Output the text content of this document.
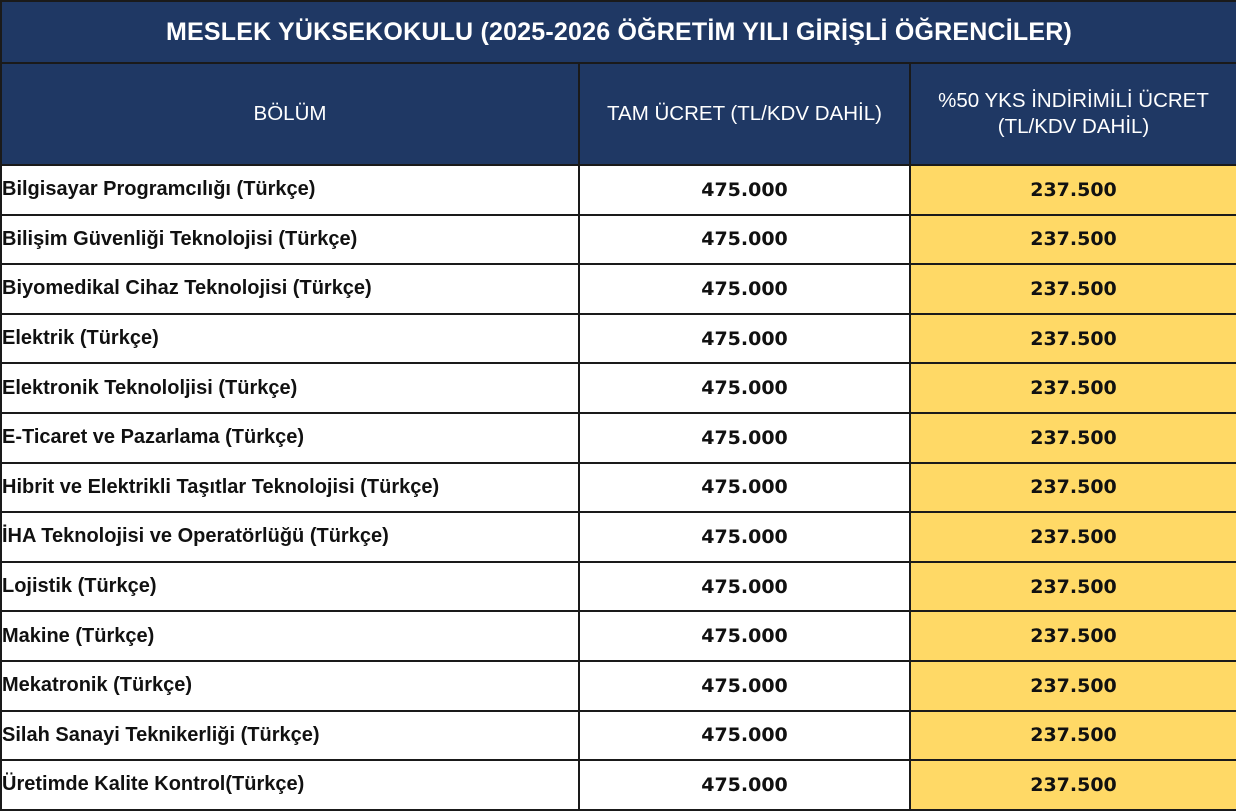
MESLEK YÜKSEKOKULU (2025-2026 ÖĞRETİM YILI GİRİŞLİ ÖĞRENCİLER)		
BÖLÜM	TAM ÜCRET (TL/KDV DAHİL)	%50 YKS İNDİRİMİLİ ÜCRET
(TL/KDV DAHİL)

Bilgisayar Programcılığı (Türkçe)	475.000	237.500
Bilişim Güvenliği Teknolojisi (Türkçe)	475.000	237.500
Biyomedikal Cihaz Teknolojisi (Türkçe)	475.000	237.500
Elektrik (Türkçe)	475.000	237.500
Elektronik Teknololjisi (Türkçe)	475.000	237.500
E-Ticaret ve Pazarlama (Türkçe)	475.000	237.500
Hibrit ve Elektrikli Taşıtlar Teknolojisi (Türkçe)	475.000	237.500
İHA Teknolojisi ve Operatörlüğü (Türkçe)	475.000	237.500
Lojistik (Türkçe)	475.000	237.500
Makine (Türkçe)	475.000	237.500
Mekatronik (Türkçe)	475.000	237.500
Silah Sanayi Teknikerliği (Türkçe)	475.000	237.500
Üretimde Kalite Kontrol(Türkçe)	475.000	237.500
